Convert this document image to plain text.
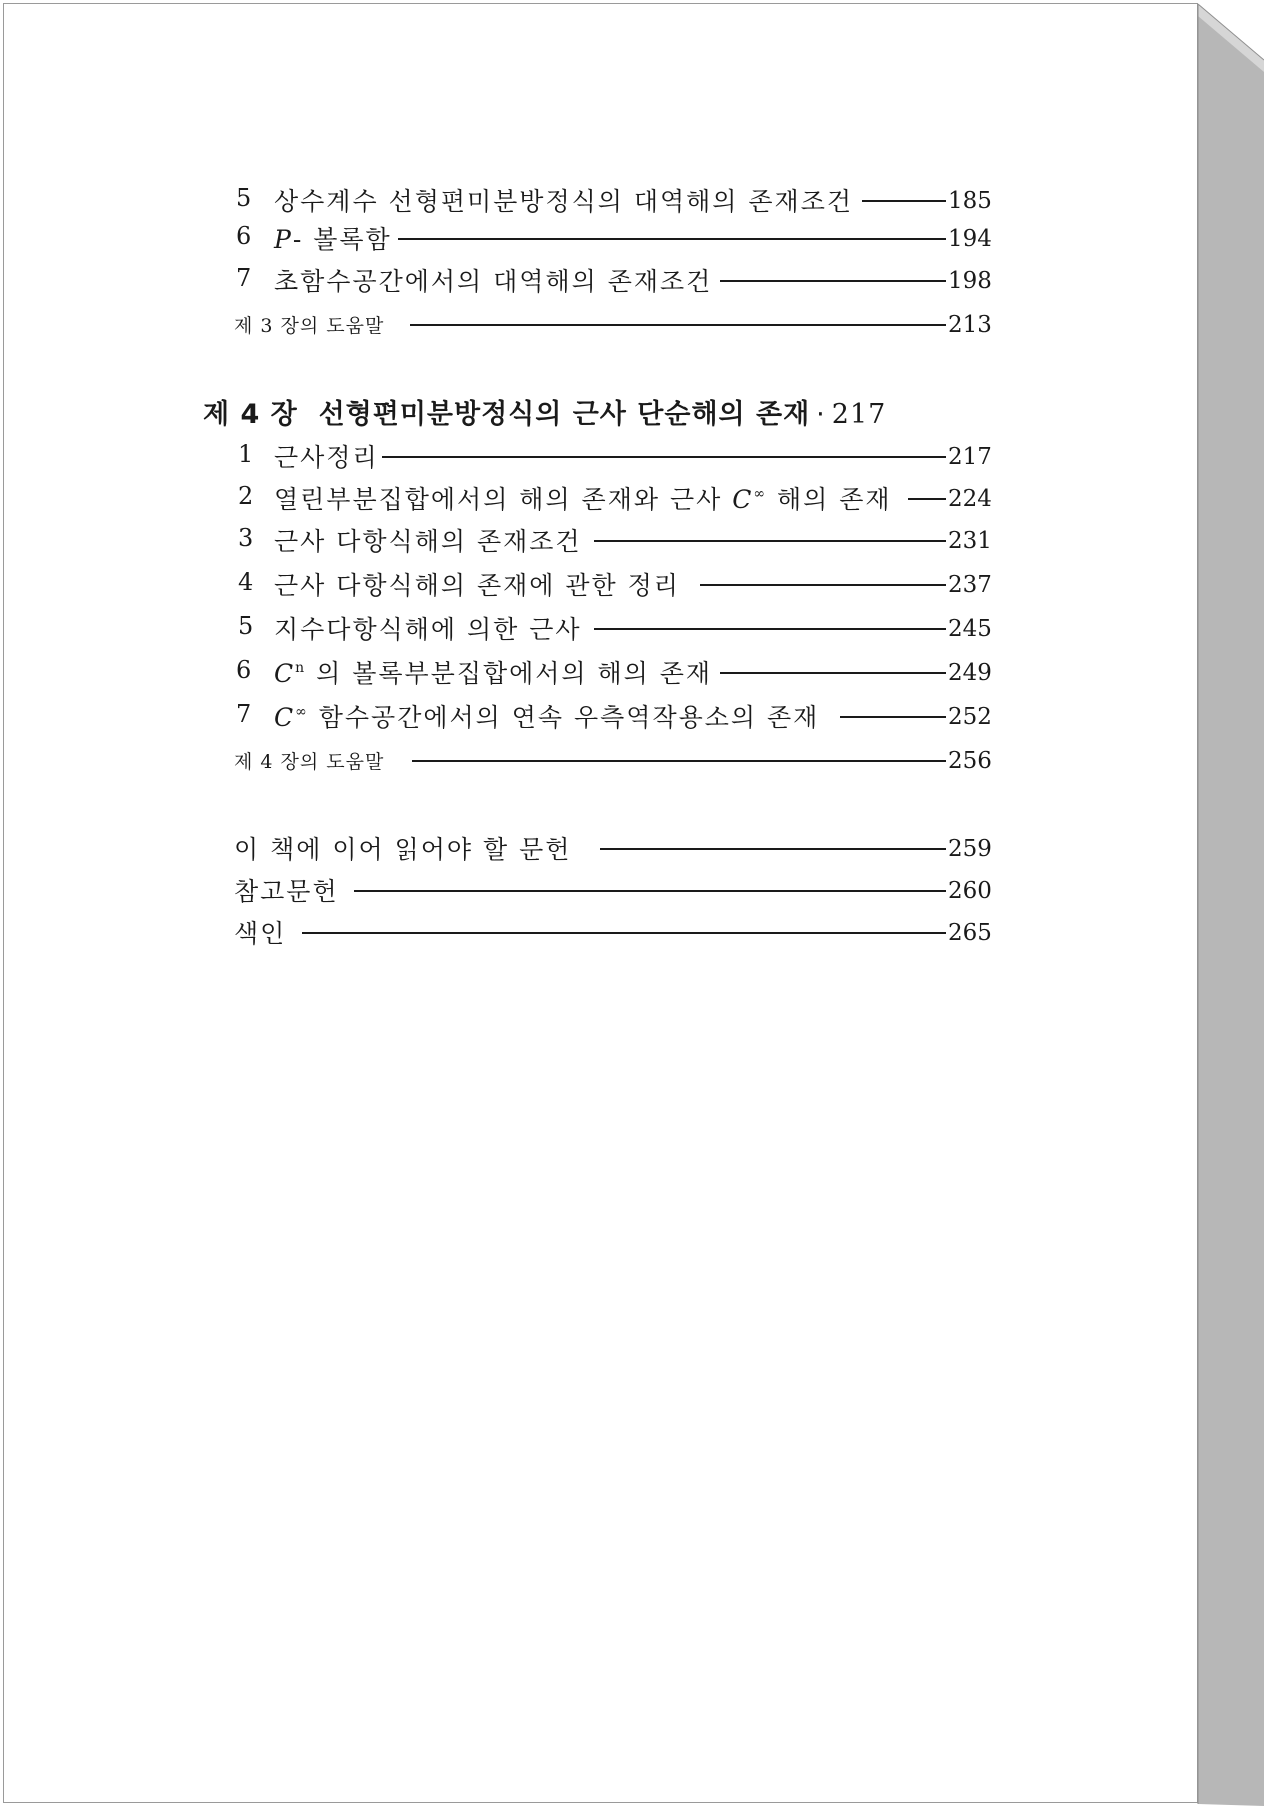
5 상수계수 선형편미분방정식의 대역해의 존재조건	185
6 P- 볼록함	194
7 초함수공간에서의 대역해의 존재조건	198
제 3 장의 도움말	213
제 4 장 선형편미분방정식의 근사 단순해의 존재 · 217
1 근사정리	217
2 열린부분집합에서의 해의 존재와 근사 C∞ 해의 존재 224
3 근사 다항식해의 존재조건	231
4 근사 다항식해의 존재에 관한 정리	237
5 지수다항식해에 의한 근사	245
6 $C^n$ 의 볼록부분집합에서의 해의 존재	249
7 C∞ 함수공간에서의 연속 우측역작용소의 존재	252
제 4 장의 도움말	256
이 책에 이어 읽어야 할 문헌	259
참고문헌	260
색인	265
